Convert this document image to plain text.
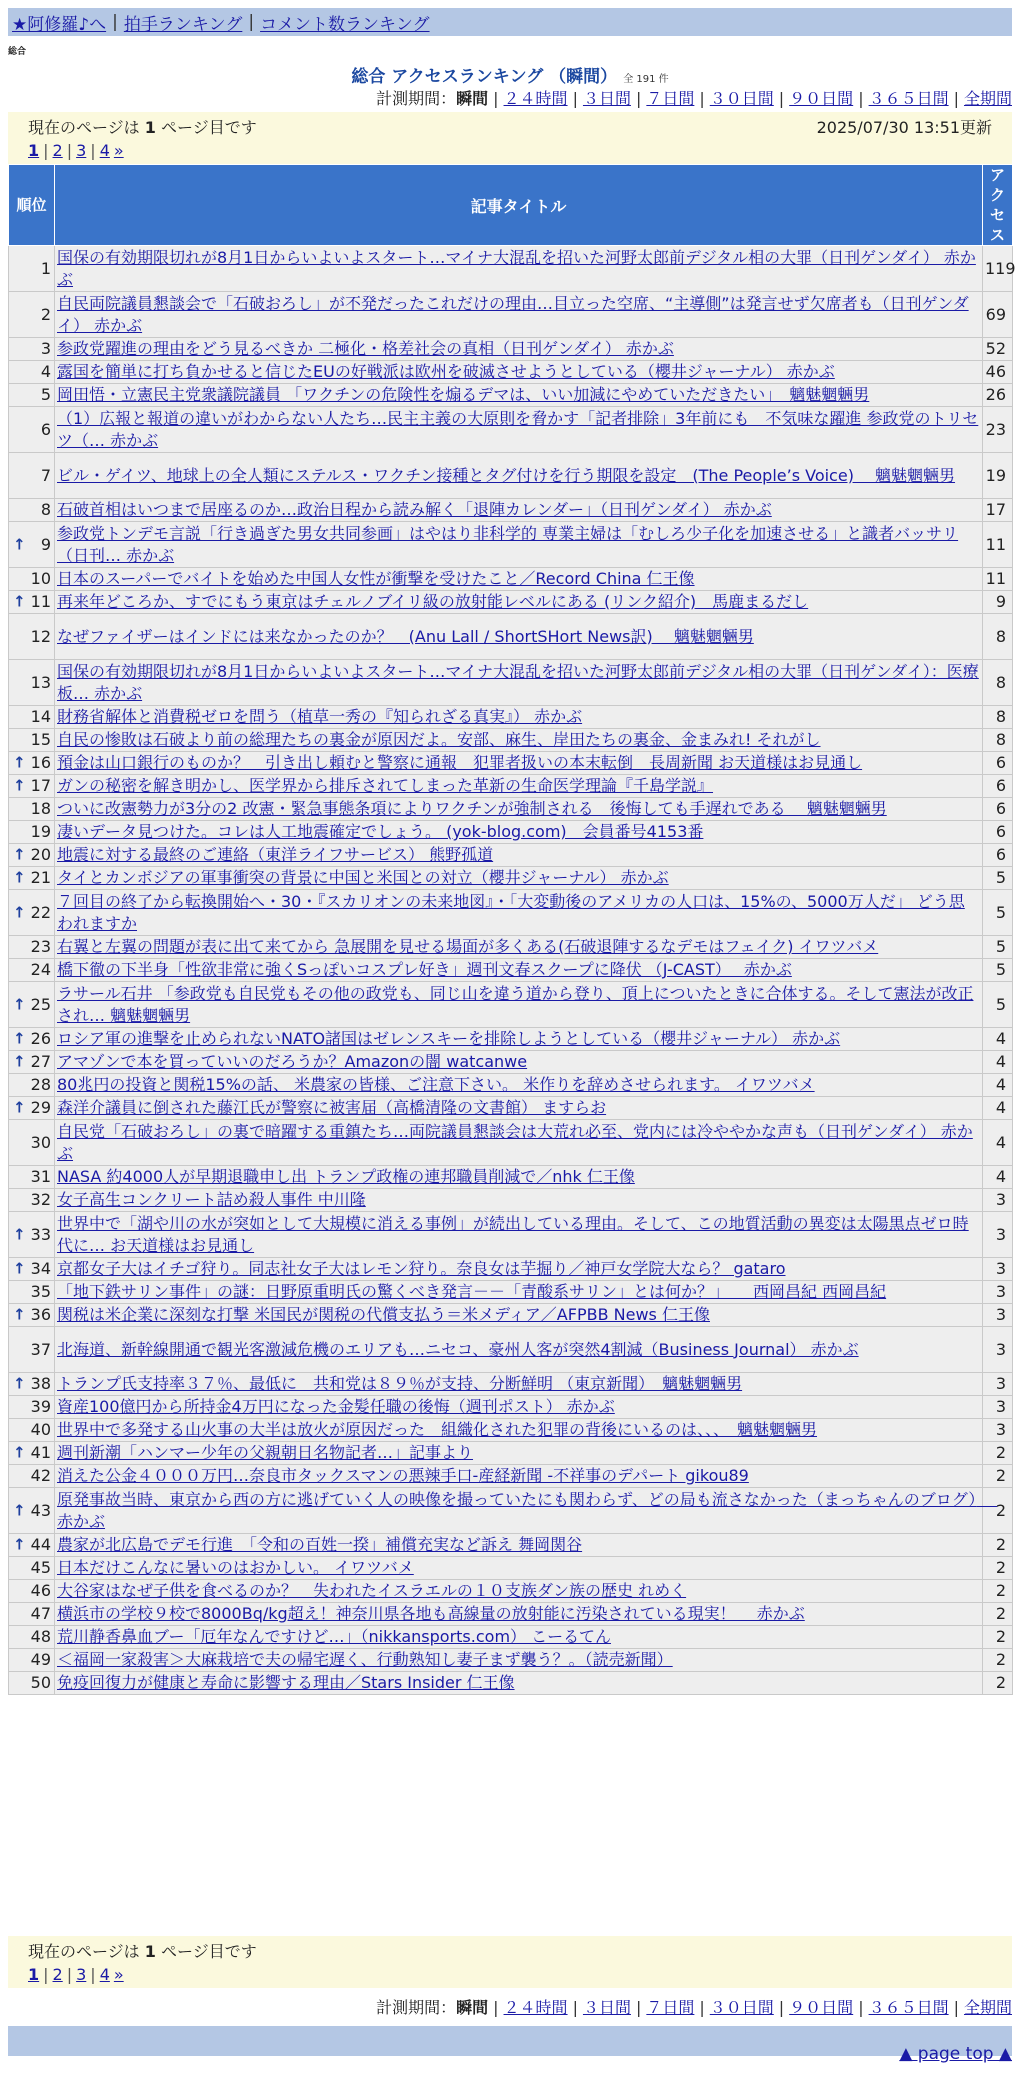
★阿修羅♪へ | 拍手ランキング | コメント数ランキング
総合
総合 アクセスランキング （瞬間） 全 191 件
計測期間：瞬間 | ２４時間 | ３日間 | ７日間 | ３０日間 | ９０日間 | ３６５日間 | 全期間
現在のページは 1 ページ目です	2025/07/30 13:51更新
1 | 2 | 3 | 4 »
順位	記事タイトル	アクセス
1	国保の有効期限切れが8月1日からいよいよスタート…マイナ大混乱を招いた河野太郎前デジタル相の大罪（日刊ゲンダイ） 赤かぶ	119
2	自民両院議員懇談会で「石破おろし」が不発だったこれだけの理由…目立った空席、“主導側”は発言せず欠席者も（日刊ゲンダイ） 赤かぶ	69
3	参政党躍進の理由をどう見るべきか 二極化・格差社会の真相（日刊ゲンダイ） 赤かぶ	52
4	露国を簡単に打ち負かせると信じたEUの好戦派は欧州を破滅させようとしている（櫻井ジャーナル） 赤かぶ	46
5	岡田悟・立憲民主党衆議院議員 「ワクチンの危険性を煽るデマは、いい加減にやめていただきたい」　魑魅魍魎男	26
6	（1）広報と報道の違いがわからない人たち…民主主義の大原則を脅かす「記者排除」3年前にも　不気味な躍進 参政党のトリセツ（… 赤かぶ	23
7	ビル・ゲイツ、地球上の全人類にステルス・ワクチン接種とタグ付けを行う期限を設定　(The People’s Voice)　 魑魅魍魎男	19
8	石破首相はいつまで居座るのか…政治日程から読み解く「退陣カレンダー」（日刊ゲンダイ） 赤かぶ	17

↑ 9	参政党トンデモ言説「行き過ぎた男女共同参画」はやはり非科学的 専業主婦は「むしろ少子化を加速させる」と識者バッサリ（日刊… 赤かぶ	11
10	日本のスーパーでバイトを始めた中国人女性が衝撃を受けたこと／Record China 仁王像	11

↑ 11	再来年どころか、すでにもう東京はチェルノブイリ級の放射能レベルにある (リンク紹介)　馬鹿まるだし	9
12	なぜファイザーはインドには来なかったのか？　(Anu Lall / ShortSHort News訳)　 魑魅魍魎男	8
13	国保の有効期限切れが8月1日からいよいよスタート…マイナ大混乱を招いた河野太郎前デジタル相の大罪（日刊ゲンダイ）：医療板… 赤かぶ	8
14	財務省解体と消費税ゼロを問う（植草一秀の『知られざる真実』） 赤かぶ	8
15	自民の惨敗は石破より前の総理たちの裏金が原因だよ。安部、麻生、岸田たちの裏金、金まみれ! それがし	8

↑ 16	預金は山口銀行のものか？　引き出し頼むと警察に通報　犯罪者扱いの本末転倒　長周新聞 お天道様はお見通し	6

↑ 17	ガンの秘密を解き明かし、医学界から排斥されてしまった革新の生命医学理論『千島学説』	6
18	ついに改憲勢力が3分の2 改憲・緊急事態条項によりワクチンが強制される　後悔しても手遅れである　 魑魅魍魎男	6
19	凄いデータ見つけた。コレは人工地震確定でしょう。 (yok-blog.com)　会員番号4153番	6

↑ 20	地震に対する最終のご連絡（東洋ライフサービス） 熊野孤道	6

↑ 21	タイとカンボジアの軍事衝突の背景に中国と米国との対立（櫻井ジャーナル） 赤かぶ	5

↑ 22	７回目の終了から転換開始へ・30・『スカリオンの未来地図』・「大変動後のアメリカの人口は、15%の、5000万人だ」 どう思われますか	5
23	右翼と左翼の問題が表に出て来てから 急展開を見せる場面が多くある(石破退陣するなデモはフェイク) イワツバメ	5
24	橋下徹の下半身「性欲非常に強くSっぽいコスプレ好き」週刊文春スクープに降伏 （J-CAST）　 赤かぶ	5

↑ 25	ラサール石井 「参政党も自民党もその他の政党も、同じ山を違う道から登り、頂上についたときに合体する。そして憲法が改正され… 魑魅魍魎男	5

↑ 26	ロシア軍の進撃を止められないNATO諸国はゼレンスキーを排除しようとしている（櫻井ジャーナル） 赤かぶ	4

↑ 27	アマゾンで本を買っていいのだろうか？Amazonの闇 watcanwe	4
28	80兆円の投資と関税15%の話、 米農家の皆様、ご注意下さい。 米作りを辞めさせられます。 イワツバメ	4

↑ 29	森洋介議員に倒された藤江氏が警察に被害届（高橋清隆の文書館） ますらお	4
30	自民党「石破おろし」の裏で暗躍する重鎮たち…両院議員懇談会は大荒れ必至、党内には冷ややかな声も（日刊ゲンダイ） 赤かぶ	4
31	NASA 約4000人が早期退職申し出 トランプ政権の連邦職員削減で／nhk 仁王像	4
32	女子高生コンクリート詰め殺人事件 中川隆	3

↑ 33	世界中で「湖や川の水が突如として大規模に消える事例」が続出している理由。そして、この地質活動の異変は太陽黒点ゼロ時代に… お天道様はお見通し	3

↑ 34	京都女子大はイチゴ狩り。同志社女子大はレモン狩り。奈良女は芋掘り／神戸女学院大なら？ gataro	3
35	「地下鉄サリン事件」の謎：日野原重明氏の驚くべき発言－－「青酸系サリン」とは何か？」　　西岡昌紀 西岡昌紀	3

↑ 36	関税は米企業に深刻な打撃 米国民が関税の代償支払う＝米メディア／AFPBB News 仁王像	3
37	北海道、新幹線開通で観光客激減危機のエリアも…ニセコ、豪州人客が突然4割減（Business Journal） 赤かぶ	3

↑ 38	トランプ氏支持率３７％、最低に　共和党は８９％が支持、分断鮮明 （東京新聞）　魑魅魍魎男	3
39	資産100億円から所持金4万円になった金髪任職の後悔（週刊ポスト） 赤かぶ	3
40	世界中で多発する山火事の大半は放火が原因だった　組織化された犯罪の背後にいるのは、、、　魑魅魍魎男	3

↑ 41	週刊新潮「ハンマー少年の父親朝日名物記者…」記事より	2
42	消えた公金４０００万円…奈良市タックスマンの悪辣手口-産経新聞 -不祥事のデパート gikou89	2

↑ 43	原発事故当時、東京から西の方に逃げていく人の映像を撮っていたにも関わらず、どの局も流さなかった（まっちゃんのブログ）　 赤かぶ	2

↑ 44	農家が北広島でデモ行進　「令和の百姓一揆」補償充実など訴え 舞岡関谷	2
45	日本だけこんなに暑いのはおかしい。 イワツバメ	2
46	大谷家はなぜ子供を食べるのか？　失われたイスラエルの１０支族ダン族の歴史 れめく	2
47	横浜市の学校９校で8000Bq/kg超え！神奈川県各地も高線量の放射能に汚染されている現実！　 赤かぶ	2
48	荒川静香鼻血ブー「厄年なんですけど…」（nikkansports.com） こーるてん	2
49	＜福岡一家殺害＞大麻栽培で夫の帰宅遅く、行動熟知し妻子まず襲う？。（読売新聞）	2
50	免疫回復力が健康と寿命に影響する理由／Stars Insider 仁王像	2
現在のページは 1 ページ目です
1 | 2 | 3 | 4 »
計測期間：瞬間 | ２４時間 | ３日間 | ７日間 | ３０日間 | ９０日間 | ３６５日間 | 全期間
▲ page top ▲
